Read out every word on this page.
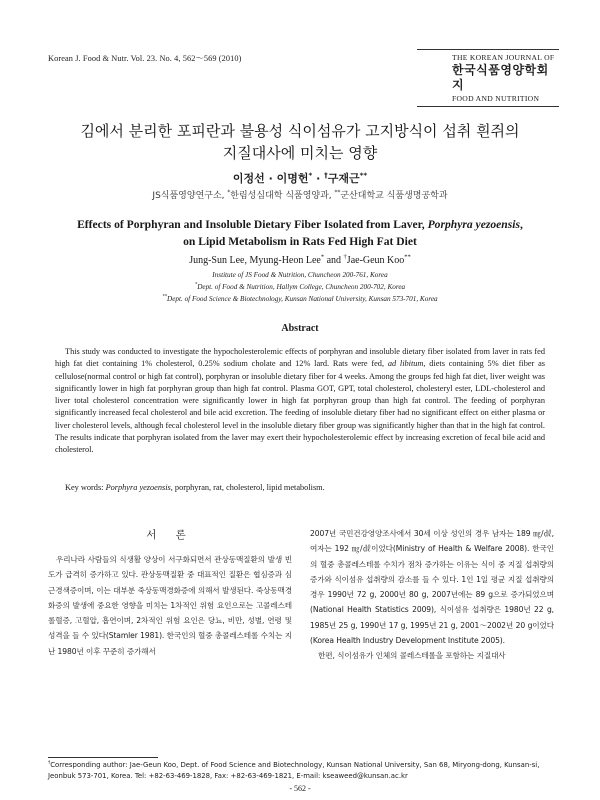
Korean J. Food & Nutr. Vol. 23. No. 4, 562～569 (2010)	THE KOREAN JOURNAL OF
한국식품영양학회지
FOOD AND NUTRITION
김에서 분리한 포피란과 불용성 식이섬유가 고지방식이 섭취 흰쥐의
지질대사에 미치는 영향
이정선 · 이명헌* · †구재근**
JS식품영양연구소, *한림성심대학 식품영양과, **군산대학교 식품생명공학과
Effects of Porphyran and Insoluble Dietary Fiber Isolated from Laver, Porphyra yezoensis,
on Lipid Metabolism in Rats Fed High Fat Diet
Jung-Sun Lee, Myung-Heon Lee* and †Jae-Geun Koo**
Institute of JS Food & Nutrition, Chuncheon 200-761, Korea
*Dept. of Food & Nutrition, Hallym College, Chuncheon 200-702, Korea
**Dept. of Food Science & Biotechnology, Kunsan National University, Kunsan 573-701, Korea
Abstract
This study was conducted to investigate the hypocholesterolemic effects of porphyran and insoluble dietary fiber isolated from laver in rats fed high fat diet containing 1% cholesterol, 0.25% sodium cholate and 12% lard. Rats were fed, ad libitum, diets containing 5% diet fiber as cellulose(normal control or high fat control), porphyran or insoluble dietary fiber for 4 weeks. Among the groups fed high fat diet, liver weight was significantly lower in high fat porphyran group than high fat control. Plasma GOT, GPT, total cholesterol, cholesteryl ester, LDL-cholesterol and liver total cholesterol concentration were significantly lower in high fat porphyran group than high fat control. The feeding of porphyran significantly increased fecal cholesterol and bile acid excretion. The feeding of insoluble dietary fiber had no significant effect on either plasma or liver cholesterol levels, although fecal cholesterol level in the insoluble dietary fiber group was significantly higher than that in the high fat control. The results indicate that porphyran isolated from the laver may exert their hypocholesterolemic effect by increasing excretion of fecal bile acid and cholesterol.
Key words: Porphyra yezoensis, porphyran, rat, cholesterol, lipid metabolism.
서 론

우리나라 사람들의 식생활 양상이 서구화되면서 관상동맥질환의 발생 빈도가 급격히 증가하고 있다. 관상동맥질환 중 대표적인 질환은 협심증과 심근경색증이며, 이는 대부분 죽상동맥경화증에 의해서 발생된다. 죽상동맥경화증의 발생에 중요한 영향을 미치는 1차적인 위험 요인으로는 고콜레스테롤혈증, 고혈압, 흡연이며, 2차적인 위험 요인은 당뇨, 비만, 성별, 연령 및 성격을 들 수 있다(Stamler 1981). 한국인의 혈중 총콜레스테롤 수치는 지난 1980년 이후 꾸준히 증가해서

2007년 국민건강영양조사에서 30세 이상 성인의 경우 남자는 189 ㎎/㎗, 여자는 192 ㎎/㎗이었다(Ministry of Health & Welfare 2008). 한국인의 혈중 총콜레스테롤 수치가 점차 증가하는 이유는 식이 중 지질 섭취량의 증가와 식이섬유 섭취량의 감소를 들 수 있다. 1인 1일 평균 지질 섭취량의 경우 1990년 72 g, 2000년 80 g, 2007년에는 89 g으로 증가되었으며(National Health Statistics 2009), 식이섬유 섭취량은 1980년 22 g, 1985년 25 g, 1990년 17 g, 1995년 21 g, 2001～2002년 20 g이었다(Korea Health Industry Development Institute 2005).

한편, 식이섬유가 인체의 콜레스테롤을 포함하는 지질대사

†Corresponding author: Jae-Geun Koo, Dept. of Food Science and Biotechnology, Kunsan National University, San 68, Miryong-dong, Kunsan-si, Jeonbuk 573-701, Korea. Tel: +82-63-469-1828, Fax: +82-63-469-1821, E-mail: kseaweed@kunsan.ac.kr
- 562 -
